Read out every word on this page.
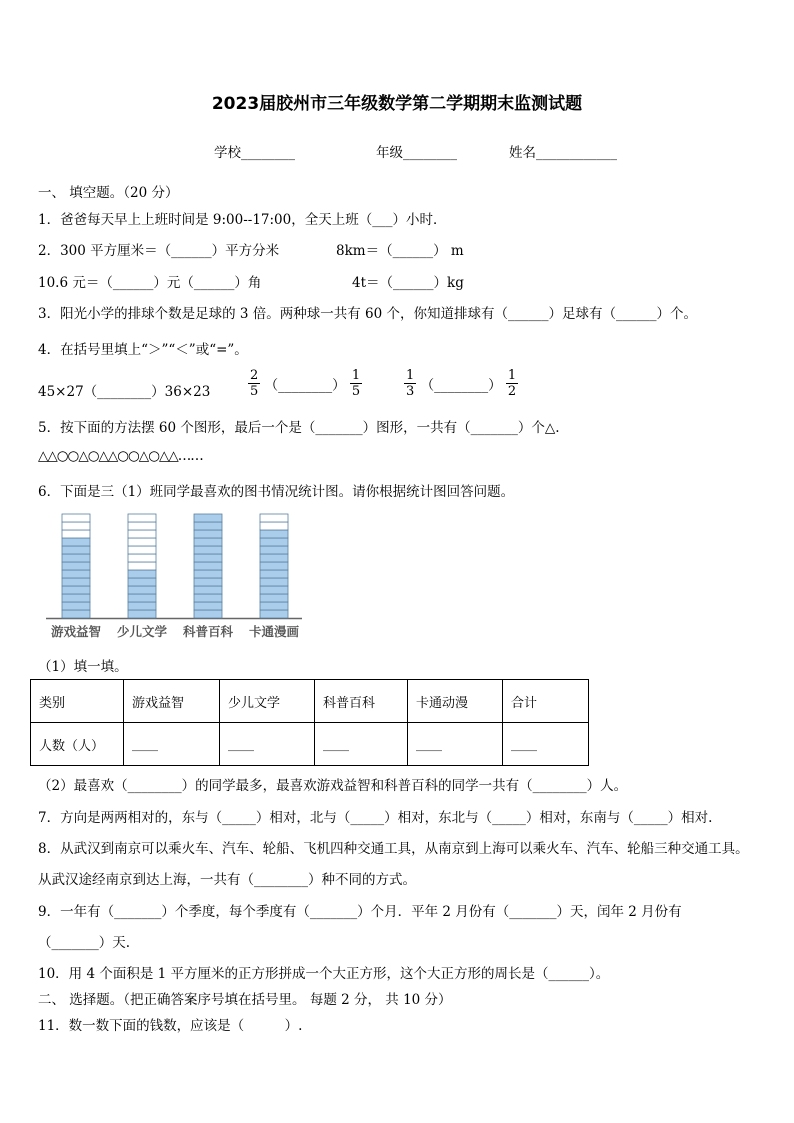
2023届胶州市三年级数学第二学期期末监测试题
学校________	年级________	姓名____________
一、 填空题。（20 分）
1．爸爸每天早上上班时间是 9:00--17:00，全天上班（___）小时．
2．300 平方厘米＝（______）平方分米	8km＝（______） m
10.6 元＝（______）元（______）角	4t＝（______）kg
3．阳光小学的排球个数是足球的 3 倍。两种球一共有 60 个，你知道排球有（______）足球有（______）个。
4．在括号里填上“＞”“＜”或“=”。
45×27（________）36×23	$\frac{2}{5}$ （________） $\frac{1}{5}$	$\frac{1}{3}$ （________） $\frac{1}{2}$
5．按下面的方法摆 60 个图形，最后一个是（_______）图形，一共有（_______）个△.
△△○○△○△△○○△○△△……
6．下面是三（1）班同学最喜欢的图书情况统计图。请你根据统计图回答问题。
游戏益智 少儿文学 科普百科 卡通漫画
（1）填一填。
类别	游戏益智	少儿文学	科普百科	卡通动漫	合计
人数（人）	____	____	____	____	____
（2）最喜欢（________）的同学最多，最喜欢游戏益智和科普百科的同学一共有（________）人。
7．方向是两两相对的，东与（_____）相对，北与（_____）相对，东北与（_____）相对，东南与（_____）相对.
8．从武汉到南京可以乘火车、汽车、轮船、飞机四种交通工具，从南京到上海可以乘火车、汽车、轮船三种交通工具。
从武汉途经南京到达上海，一共有（________）种不同的方式。
9．一年有（_______）个季度，每个季度有（_______）个月．平年 2 月份有（_______）天，闰年 2 月份有
（_______）天.
10．用 4 个面积是 1 平方厘米的正方形拼成一个大正方形，这个大正方形的周长是（______）。
二、 选择题。（把正确答案序号填在括号里。 每题 2 分， 共 10 分）
11．数一数下面的钱数，应该是（　　　）.
